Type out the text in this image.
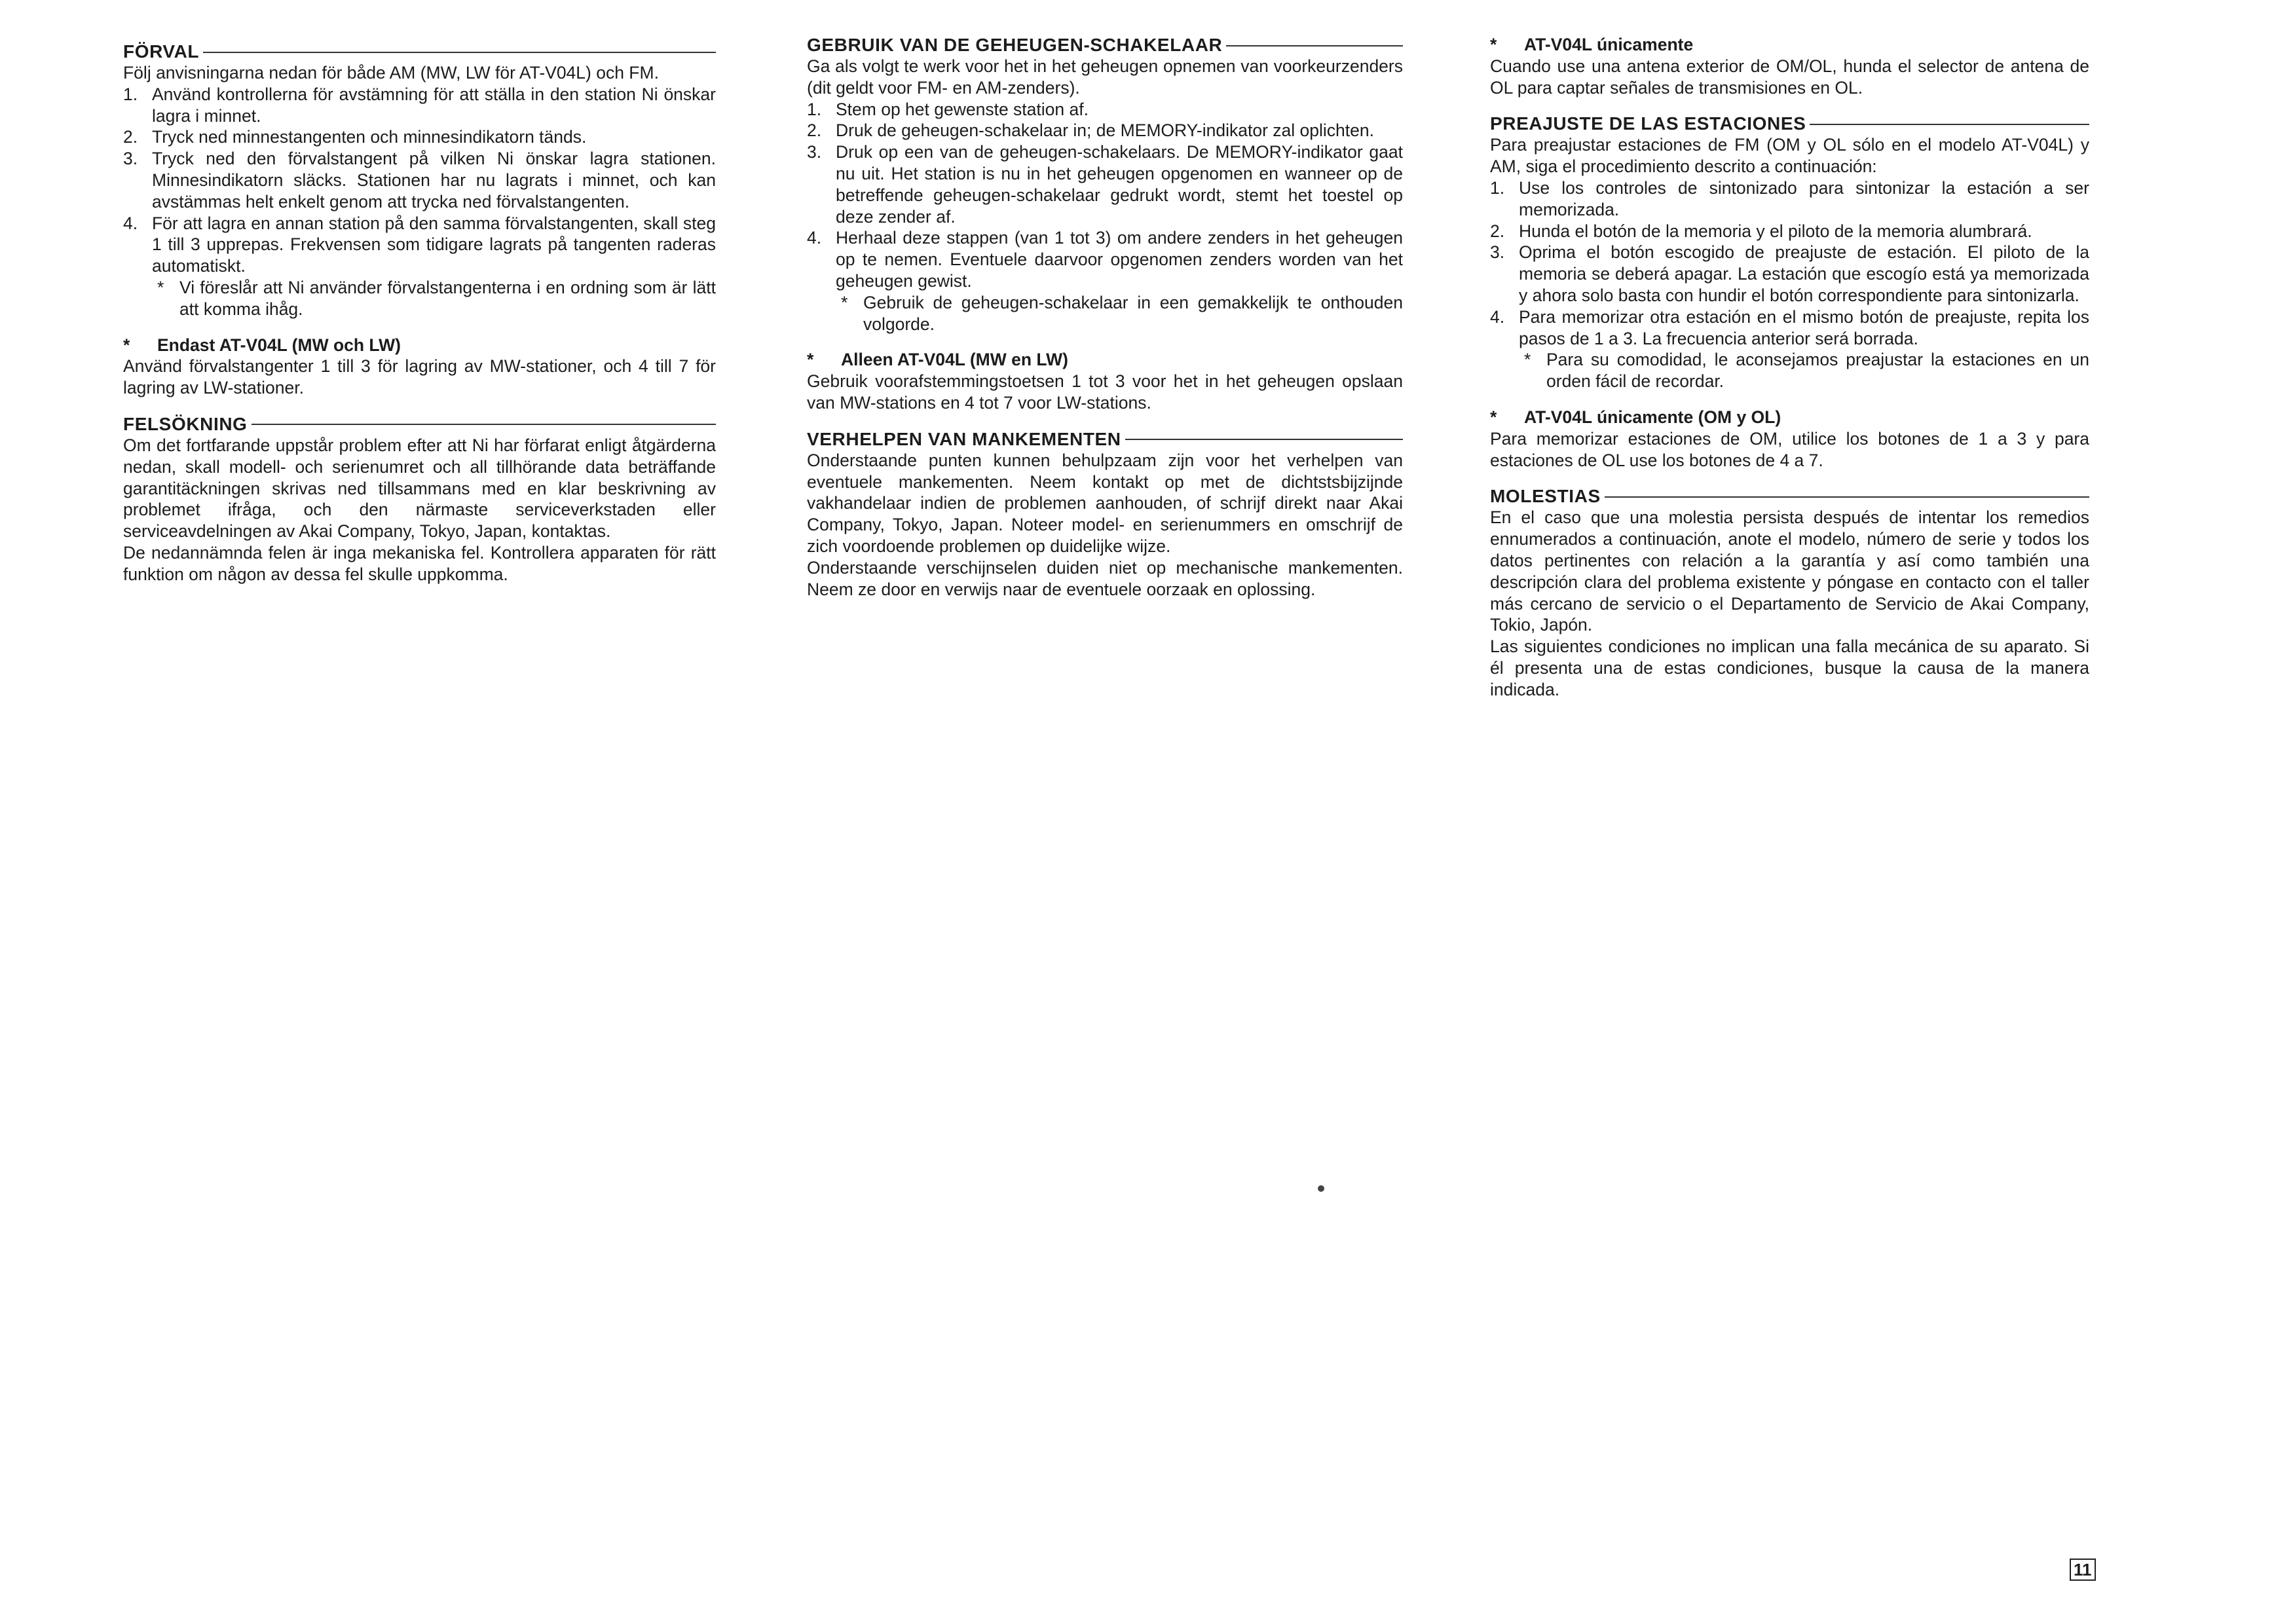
FÖRVAL

Följ anvisningarna nedan för både AM (MW, LW för AT-V04L) och FM.

1. Använd kontrollerna för avstämning för att ställa in den station Ni önskar lagra i minnet.
2. Tryck ned minnestangenten och minnesindikatorn tänds.
3. Tryck ned den förvalstangent på vilken Ni önskar lagra stationen. Minnesindikatorn släcks. Stationen har nu lagrats i minnet, och kan avstämmas helt enkelt genom att trycka ned förvalstangenten.
4. För att lagra en annan station på den samma förvalstangenten, skall steg 1 till 3 upprepas. Frekvensen som tidigare lagrats på tangenten raderas automatiskt.
* Vi föreslår att Ni använder förvalstangenterna i en ordning som är lätt att komma ihåg.
*	Endast AT-V04L (MW och LW)

Använd förvalstangenter 1 till 3 för lagring av MW-stationer, och 4 till 7 för lagring av LW-stationer.

FELSÖKNING

Om det fortfarande uppstår problem efter att Ni har förfarat enligt åtgärderna nedan, skall modell- och serienumret och all tillhörande data beträffande garantitäckningen skrivas ned tillsammans med en klar beskrivning av problemet ifråga, och den närmaste serviceverkstaden eller serviceavdelningen av Akai Company, Tokyo, Japan, kontaktas.

De nedannämnda felen är inga mekaniska fel. Kontrollera apparaten för rätt funktion om någon av dessa fel skulle uppkomma.

GEBRUIK VAN DE GEHEUGEN-SCHAKELAAR

Ga als volgt te werk voor het in het geheugen opnemen van voorkeurzenders (dit geldt voor FM- en AM-zenders).

1. Stem op het gewenste station af.
2. Druk de geheugen-schakelaar in; de MEMORY-indikator zal oplichten.
3. Druk op een van de geheugen-schakelaars. De MEMORY-indikator gaat nu uit. Het station is nu in het geheugen opgenomen en wanneer op de betreffende geheugen-schakelaar gedrukt wordt, stemt het toestel op deze zender af.
4. Herhaal deze stappen (van 1 tot 3) om andere zenders in het geheugen op te nemen. Eventuele daarvoor opgenomen zenders worden van het geheugen gewist.
* Gebruik de geheugen-schakelaar in een gemakkelijk te onthouden volgorde.
*	Alleen AT-V04L (MW en LW)

Gebruik voorafstemmingstoetsen 1 tot 3 voor het in het geheugen opslaan van MW-stations en 4 tot 7 voor LW-stations.

VERHELPEN VAN MANKEMENTEN

Onderstaande punten kunnen behulpzaam zijn voor het verhelpen van eventuele mankementen. Neem kontakt op met de dichtstsbijzijnde vakhandelaar indien de problemen aanhouden, of schrijf direkt naar Akai Company, Tokyo, Japan. Noteer model- en serienummers en omschrijf de zich voordoende problemen op duidelijke wijze.

Onderstaande verschijnselen duiden niet op mechanische mankementen. Neem ze door en verwijs naar de eventuele oorzaak en oplossing.

*	AT-V04L únicamente

Cuando use una antena exterior de OM/OL, hunda el selector de antena de OL para captar señales de transmisiones en OL.

PREAJUSTE DE LAS ESTACIONES

Para preajustar estaciones de FM (OM y OL sólo en el modelo AT-V04L) y AM, siga el procedimiento descrito a continuación:

1. Use los controles de sintonizado para sintonizar la estación a ser memorizada.
2. Hunda el botón de la memoria y el piloto de la memoria alumbrará.
3. Oprima el botón escogido de preajuste de estación. El piloto de la memoria se deberá apagar. La estación que escogío está ya memorizada y ahora solo basta con hundir el botón correspondiente para sintonizarla.
4. Para memorizar otra estación en el mismo botón de preajuste, repita los pasos de 1 a 3. La frecuencia anterior será borrada.
* Para su comodidad, le aconsejamos preajustar la estaciones en un orden fácil de recordar.
*	AT-V04L únicamente (OM y OL)

Para memorizar estaciones de OM, utilice los botones de 1 a 3 y para estaciones de OL use los botones de 4 a 7.

MOLESTIAS

En el caso que una molestia persista después de intentar los remedios ennumerados a continuación, anote el modelo, número de serie y todos los datos pertinentes con relación a la garantía y así como también una descripción clara del problema existente y póngase en contacto con el taller más cercano de servicio o el Departamento de Servicio de Akai Company, Tokio, Japón.

Las siguientes condiciones no implican una falla mecánica de su aparato. Si él presenta una de estas condiciones, busque la causa de la manera indicada.

11
